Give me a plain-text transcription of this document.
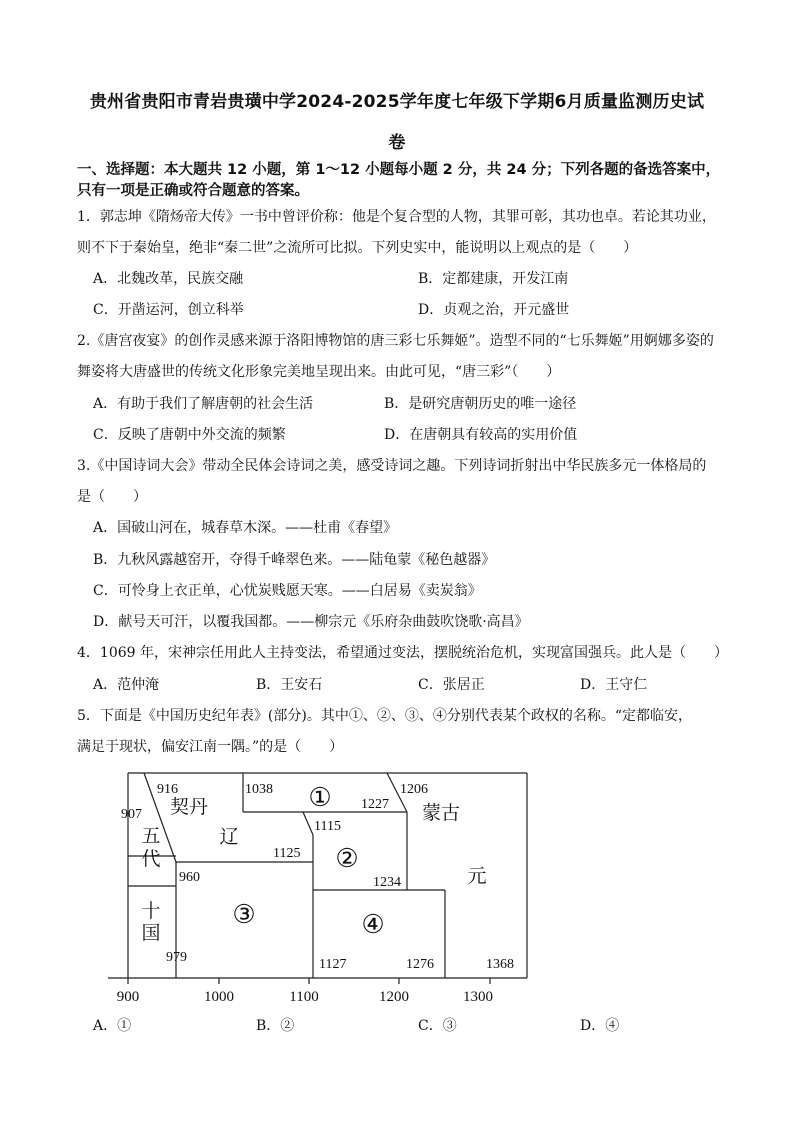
贵州省贵阳市青岩贵璜中学2024-2025学年度七年级下学期6月质量监测历史试
卷
一、选择题：本大题共 12 小题，第 1～12 小题每小题 2 分，共 24 分；下列各题的备选答案中，
只有一项是正确或符合题意的答案。
1．郭志坤《隋炀帝大传》一书中曾评价称：他是个复合型的人物，其罪可彰，其功也卓。若论其功业，
则不下于秦始皇，绝非“秦二世”之流所可比拟。下列史实中，能说明以上观点的是（　　）
A．北魏改革，民族交融	B．定都建康，开发江南
C．开凿运河，创立科举	D．贞观之治，开元盛世
2.《唐宫夜宴》的创作灵感来源于洛阳博物馆的唐三彩七乐舞姬”。造型不同的“七乐舞姬”用婀娜多姿的
舞姿将大唐盛世的传统文化形象完美地呈现出来。由此可见，“唐三彩”（　　）
A．有助于我们了解唐朝的社会生活	B．是研究唐朝历史的唯一途径
C．反映了唐朝中外交流的频繁	D．在唐朝具有较高的实用价值
3.《中国诗词大会》带动全民体会诗词之美，感受诗词之趣。下列诗词折射出中华民族多元一体格局的
是（　　）
A．国破山河在，城春草木深。——杜甫《春望》
B．九秋风露越窑开，夺得千峰翠色来。——陆龟蒙《秘色越器》
C．可怜身上衣正单，心忧炭贱愿天寒。——白居易《卖炭翁》
D．献号天可汗，以覆我国都。——柳宗元《乐府杂曲鼓吹饶歌·高昌》
4．1069 年，宋神宗任用此人主持变法，希望通过变法，摆脱统治危机，实现富国强兵。此人是（　　）
A．范仲淹	B．王安石	C．张居正	D．王守仁
5．下面是《中国历史纪年表》(部分)。其中①、②、③、④分别代表某个政权的名称。“定都临安，
满足于现状，偏安江南一隅。”的是（　　）
900	1000	1100	1200	1300
907
916	1038
1227
1206
1115
1125
1234
960
979	1127	1276	1368
契丹
辽
五
代
十
国
蒙古
元
①
②
③	④
A．①	B．②	C．③	D．④
